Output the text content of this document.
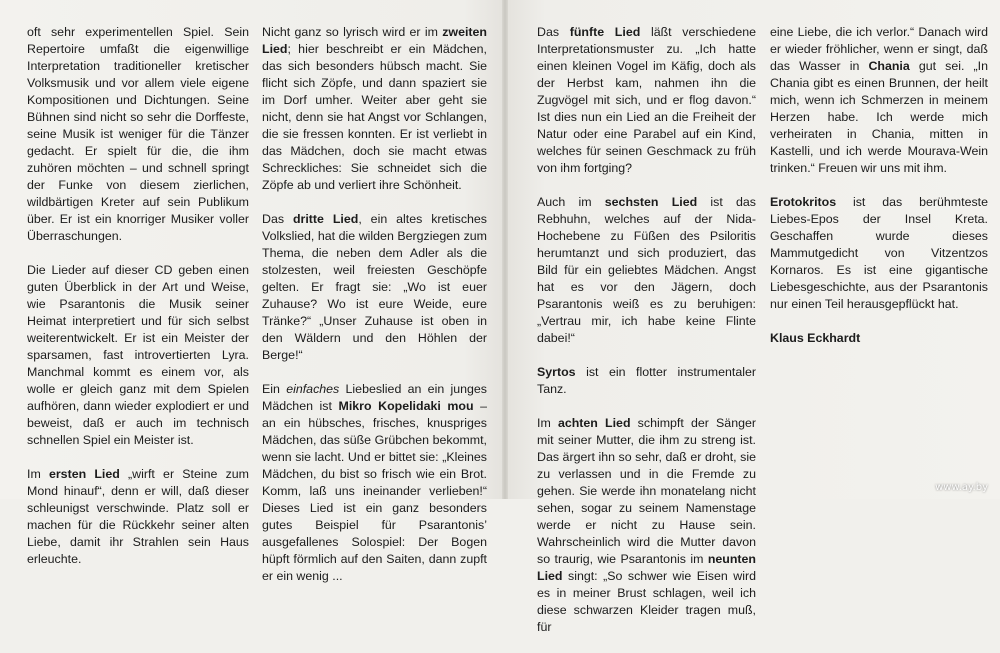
oft sehr experimentellen Spiel. Sein Repertoire umfaßt die eigenwillige Interpretation traditioneller kretischer Volksmusik und vor allem viele eigene Kompositionen und Dichtungen. Seine Bühnen sind nicht so sehr die Dorffeste, seine Musik ist weniger für die Tänzer gedacht. Er spielt für die, die ihm zuhören möchten – und schnell springt der Funke von diesem zierlichen, wildbärtigen Kreter auf sein Publikum über. Er ist ein knorriger Musiker voller Überraschungen.

Die Lieder auf dieser CD geben einen guten Überblick in der Art und Weise, wie Psarantonis die Musik seiner Heimat interpretiert und für sich selbst weiterentwickelt. Er ist ein Meister der sparsamen, fast introvertierten Lyra. Manchmal kommt es einem vor, als wolle er gleich ganz mit dem Spielen aufhören, dann wieder explodiert er und beweist, daß er auch im technisch schnellen Spiel ein Meister ist.

Im ersten Lied „wirft er Steine zum Mond hinauf“, denn er will, daß dieser schleunigst verschwinde. Platz soll er machen für die Rückkehr seiner alten Liebe, damit ihr Strahlen sein Haus erleuchte.

Nicht ganz so lyrisch wird er im zweiten Lied; hier beschreibt er ein Mädchen, das sich besonders hübsch macht. Sie flicht sich Zöpfe, und dann spaziert sie im Dorf umher. Weiter aber geht sie nicht, denn sie hat Angst vor Schlangen, die sie fressen konnten. Er ist verliebt in das Mädchen, doch sie macht etwas Schreckliches: Sie schneidet sich die Zöpfe ab und verliert ihre Schönheit.

Das dritte Lied, ein altes kretisches Volkslied, hat die wilden Bergziegen zum Thema, die neben dem Adler als die stolzesten, weil freiesten Geschöpfe gelten. Er fragt sie: „Wo ist euer Zuhause? Wo ist eure Weide, eure Tränke?“ „Unser Zuhause ist oben in den Wäldern und den Höhlen der Berge!“

Ein einfaches Liebeslied an ein junges Mädchen ist Mikro Kopelidaki mou – an ein hübsches, frisches, knuspriges Mädchen, das süße Grübchen bekommt, wenn sie lacht. Und er bittet sie: „Kleines Mädchen, du bist so frisch wie ein Brot. Komm, laß uns ineinander verlieben!“ Dieses Lied ist ein ganz besonders gutes Beispiel für Psarantonis’ ausgefallenes Solospiel: Der Bogen hüpft förmlich auf den Saiten, dann zupft er ein wenig ...

Das fünfte Lied läßt verschiedene Interpretationsmuster zu. „Ich hatte einen kleinen Vogel im Käfig, doch als der Herbst kam, nahmen ihn die Zugvögel mit sich, und er flog davon.“ Ist dies nun ein Lied an die Freiheit der Natur oder eine Parabel auf ein Kind, welches für seinen Geschmack zu früh von ihm fortging?

Auch im sechsten Lied ist das Rebhuhn, welches auf der Nida-Hochebene zu Füßen des Psiloritis herumtanzt und sich produziert, das Bild für ein geliebtes Mädchen. Angst hat es vor den Jägern, doch Psarantonis weiß es zu beruhigen: „Vertrau mir, ich habe keine Flinte dabei!“

Syrtos ist ein flotter instrumentaler Tanz.

Im achten Lied schimpft der Sänger mit seiner Mutter, die ihm zu streng ist. Das ärgert ihn so sehr, daß er droht, sie zu verlassen und in die Fremde zu gehen. Sie werde ihn monatelang nicht sehen, sogar zu seinem Namenstage werde er nicht zu Hause sein. Wahrscheinlich wird die Mutter davon so traurig, wie Psarantonis im neunten Lied singt: „So schwer wie Eisen wird es in meiner Brust schlagen, weil ich diese schwarzen Kleider tragen muß, für

eine Liebe, die ich verlor.“ Danach wird er wieder fröhlicher, wenn er singt, daß das Wasser in Chania gut sei. „In Chania gibt es einen Brunnen, der heilt mich, wenn ich Schmerzen in meinem Herzen habe. Ich werde mich verheiraten in Chania, mitten in Kastelli, und ich werde Mourava-Wein trinken.“ Freuen wir uns mit ihm.

Erotokritos ist das berühmteste Liebes-Epos der Insel Kreta. Geschaffen wurde dieses Mammutgedicht von Vitzentzos Kornaros. Es ist eine gigantische Liebesgeschichte, aus der Psarantonis nur einen Teil herausgepflückt hat.

Klaus Eckhardt

www.ay.by
